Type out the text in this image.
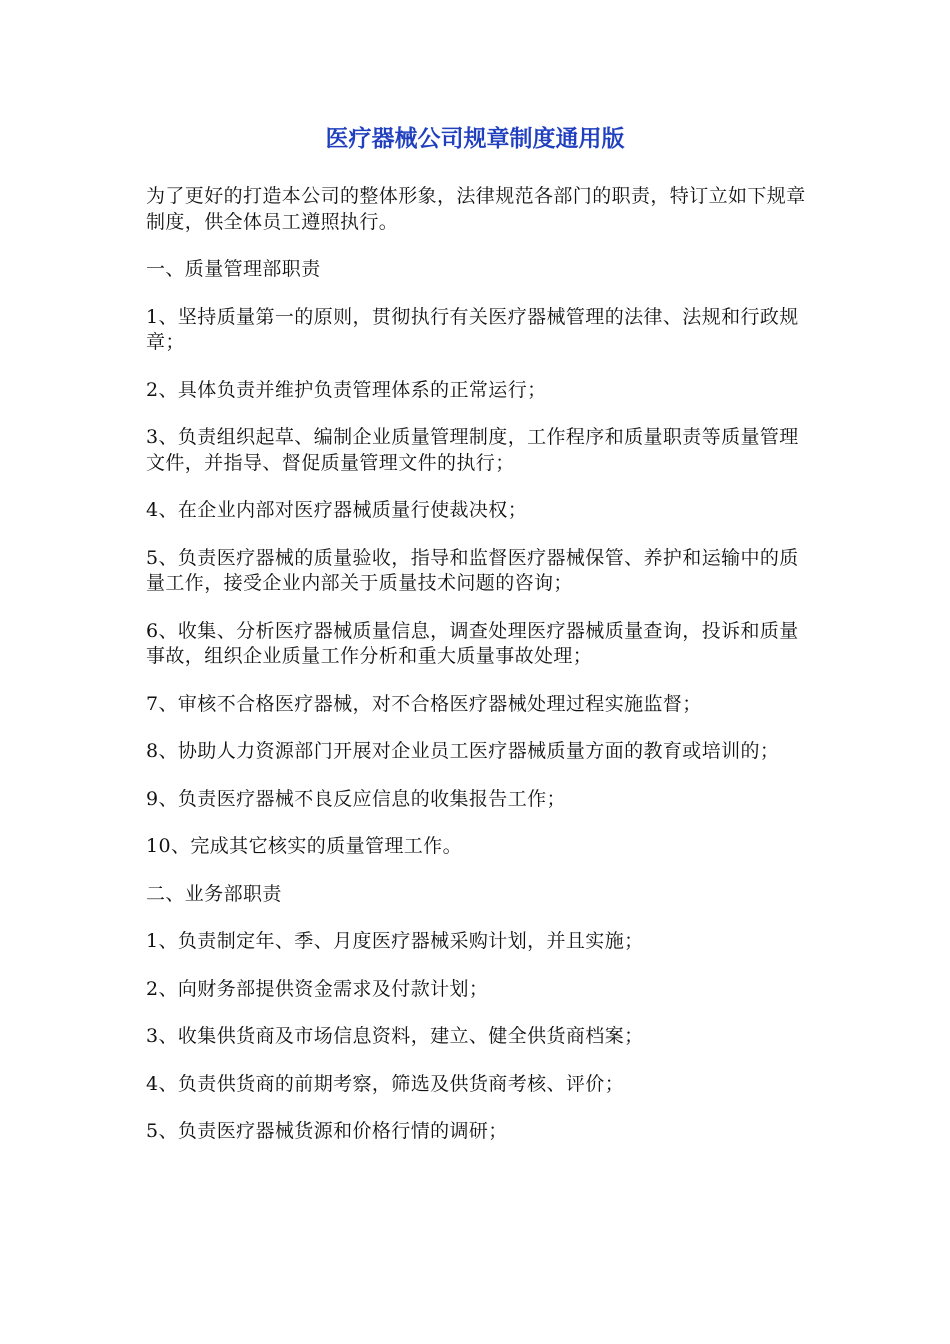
医疗器械公司规章制度通用版

为了更好的打造本公司的整体形象，法律规范各部门的职责，特订立如下规章制度，供全体员工遵照执行。

一、质量管理部职责

1、坚持质量第一的原则，贯彻执行有关医疗器械管理的法律、法规和行政规章；

2、具体负责并维护负责管理体系的正常运行；

3、负责组织起草、编制企业质量管理制度，工作程序和质量职责等质量管理文件，并指导、督促质量管理文件的执行；

4、在企业内部对医疗器械质量行使裁决权；

5、负责医疗器械的质量验收，指导和监督医疗器械保管、养护和运输中的质量工作，接受企业内部关于质量技术问题的咨询；

6、收集、分析医疗器械质量信息，调查处理医疗器械质量查询，投诉和质量事故，组织企业质量工作分析和重大质量事故处理；

7、审核不合格医疗器械，对不合格医疗器械处理过程实施监督；

8、协助人力资源部门开展对企业员工医疗器械质量方面的教育或培训的；

9、负责医疗器械不良反应信息的收集报告工作；

10、完成其它核实的质量管理工作。

二、业务部职责

1、负责制定年、季、月度医疗器械采购计划，并且实施；

2、向财务部提供资金需求及付款计划；

3、收集供货商及市场信息资料，建立、健全供货商档案；

4、负责供货商的前期考察，筛选及供货商考核、评价；

5、负责医疗器械货源和价格行情的调研；
